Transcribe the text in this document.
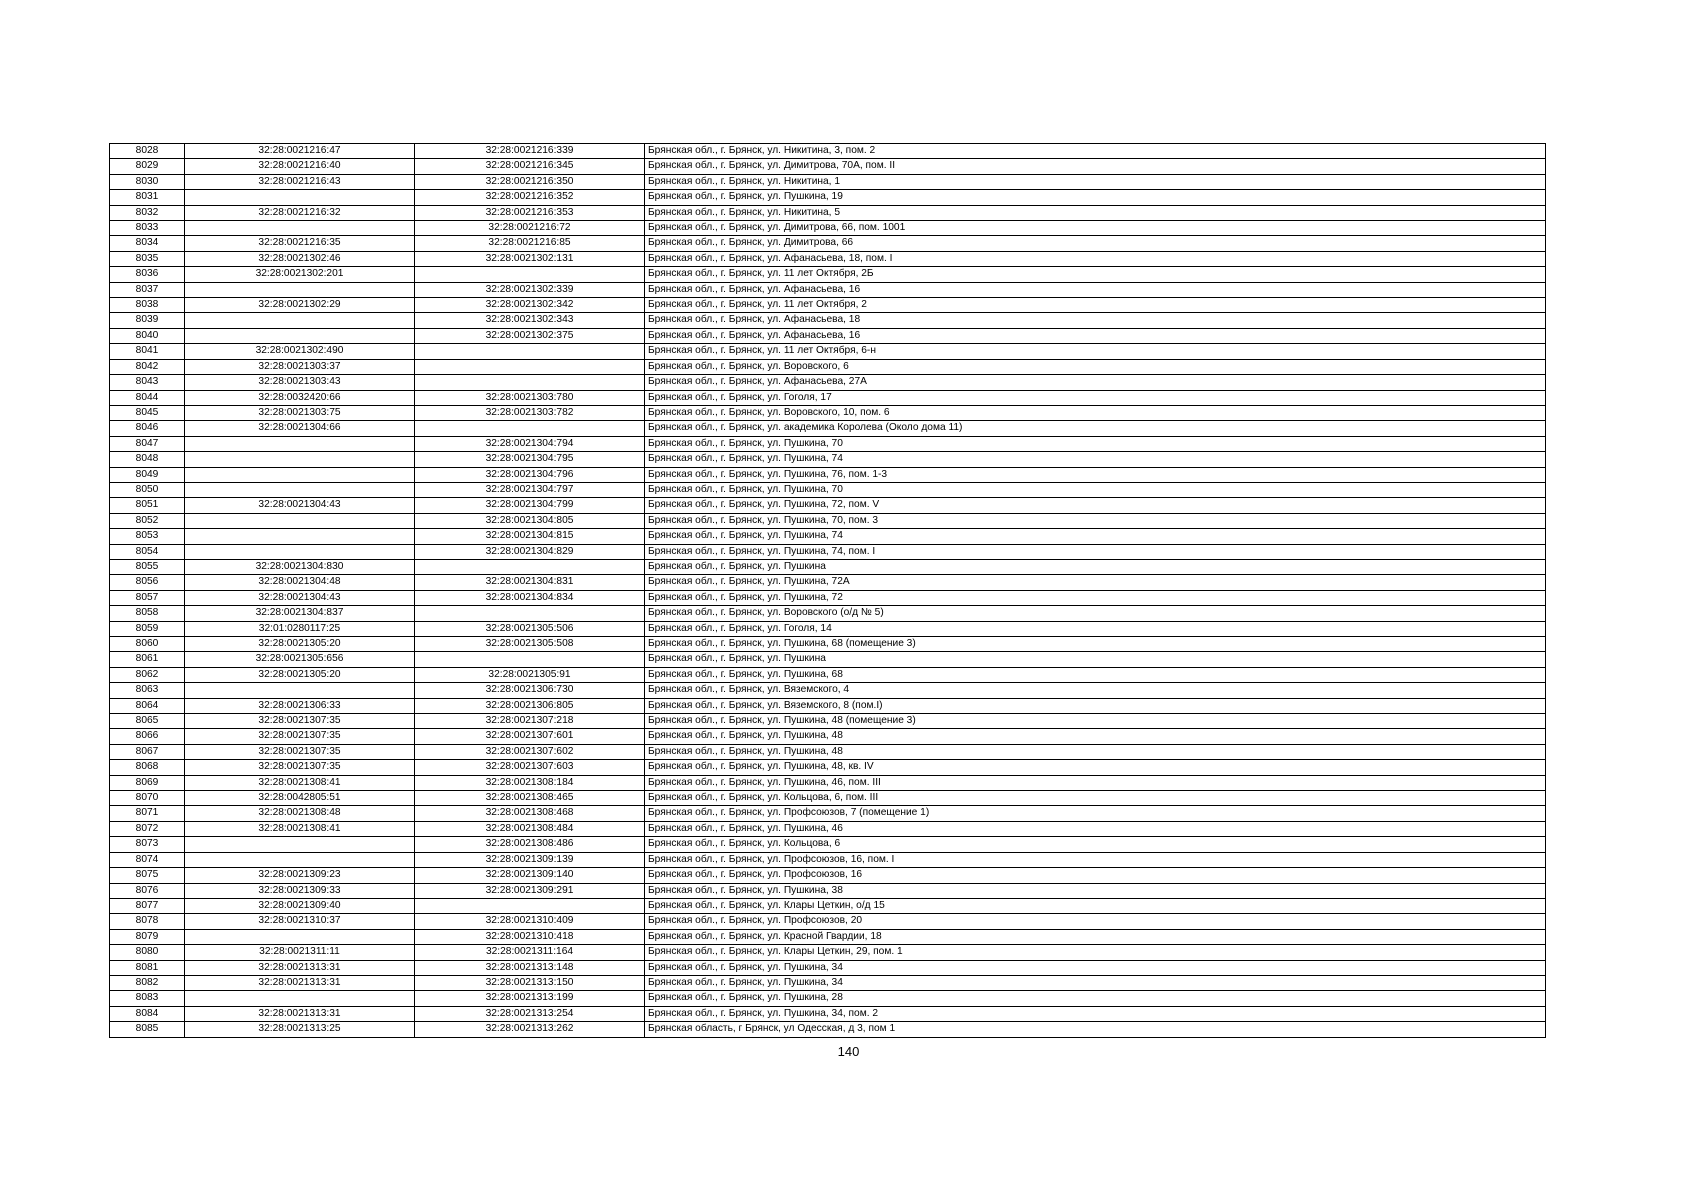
8028	32:28:0021216:47	32:28:0021216:339	Брянская обл., г. Брянск, ул. Никитина, 3, пом. 2
8029	32:28:0021216:40	32:28:0021216:345	Брянская обл., г. Брянск, ул. Димитрова, 70А, пом. II
8030	32:28:0021216:43	32:28:0021216:350	Брянская обл., г. Брянск, ул. Никитина, 1
8031		32:28:0021216:352	Брянская обл., г. Брянск, ул. Пушкина, 19
8032	32:28:0021216:32	32:28:0021216:353	Брянская обл., г. Брянск, ул. Никитина, 5
8033		32:28:0021216:72	Брянская обл., г. Брянск, ул. Димитрова, 66, пом. 1001
8034	32:28:0021216:35	32:28:0021216:85	Брянская обл., г. Брянск, ул. Димитрова, 66
8035	32:28:0021302:46	32:28:0021302:131	Брянская обл., г. Брянск, ул. Афанасьева, 18, пом. I
8036	32:28:0021302:201		Брянская обл., г. Брянск, ул. 11 лет Октября, 2Б
8037		32:28:0021302:339	Брянская обл., г. Брянск, ул. Афанасьева, 16
8038	32:28:0021302:29	32:28:0021302:342	Брянская обл., г. Брянск, ул. 11 лет Октября, 2
8039		32:28:0021302:343	Брянская обл., г. Брянск, ул. Афанасьева, 18
8040		32:28:0021302:375	Брянская обл., г. Брянск, ул. Афанасьева, 16
8041	32:28:0021302:490		Брянская обл., г. Брянск, ул. 11 лет Октября, 6-н
8042	32:28:0021303:37		Брянская обл., г. Брянск, ул. Воровского, 6
8043	32:28:0021303:43		Брянская обл., г. Брянск, ул. Афанасьева, 27А
8044	32:28:0032420:66	32:28:0021303:780	Брянская обл., г. Брянск, ул. Гоголя, 17
8045	32:28:0021303:75	32:28:0021303:782	Брянская обл., г. Брянск, ул. Воровского, 10, пом. 6
8046	32:28:0021304:66		Брянская обл., г. Брянск, ул. академика Королева (Около дома 11)
8047		32:28:0021304:794	Брянская обл., г. Брянск, ул. Пушкина, 70
8048		32:28:0021304:795	Брянская обл., г. Брянск, ул. Пушкина, 74
8049		32:28:0021304:796	Брянская обл., г. Брянск, ул. Пушкина, 76, пом. 1-3
8050		32:28:0021304:797	Брянская обл., г. Брянск, ул. Пушкина, 70
8051	32:28:0021304:43	32:28:0021304:799	Брянская обл., г. Брянск, ул. Пушкина, 72, пом. V
8052		32:28:0021304:805	Брянская обл., г. Брянск, ул. Пушкина, 70, пом. 3
8053		32:28:0021304:815	Брянская обл., г. Брянск, ул. Пушкина, 74
8054		32:28:0021304:829	Брянская обл., г. Брянск, ул. Пушкина, 74, пом. I
8055	32:28:0021304:830		Брянская обл., г. Брянск, ул. Пушкина
8056	32:28:0021304:48	32:28:0021304:831	Брянская обл., г. Брянск, ул. Пушкина, 72А
8057	32:28:0021304:43	32:28:0021304:834	Брянская обл., г. Брянск, ул. Пушкина, 72
8058	32:28:0021304:837		Брянская обл., г. Брянск, ул. Воровского (о/д № 5)
8059	32:01:0280117:25	32:28:0021305:506	Брянская обл., г. Брянск, ул. Гоголя, 14
8060	32:28:0021305:20	32:28:0021305:508	Брянская обл., г. Брянск, ул. Пушкина, 68 (помещение 3)
8061	32:28:0021305:656		Брянская обл., г. Брянск, ул. Пушкина
8062	32:28:0021305:20	32:28:0021305:91	Брянская обл., г. Брянск, ул. Пушкина, 68
8063		32:28:0021306:730	Брянская обл., г. Брянск, ул. Вяземского, 4
8064	32:28:0021306:33	32:28:0021306:805	Брянская обл., г. Брянск, ул. Вяземского, 8 (пом.I)
8065	32:28:0021307:35	32:28:0021307:218	Брянская обл., г. Брянск, ул. Пушкина, 48 (помещение 3)
8066	32:28:0021307:35	32:28:0021307:601	Брянская обл., г. Брянск, ул. Пушкина, 48
8067	32:28:0021307:35	32:28:0021307:602	Брянская обл., г. Брянск, ул. Пушкина, 48
8068	32:28:0021307:35	32:28:0021307:603	Брянская обл., г. Брянск, ул. Пушкина, 48, кв. IV
8069	32:28:0021308:41	32:28:0021308:184	Брянская обл., г. Брянск, ул. Пушкина, 46, пом. III
8070	32:28:0042805:51	32:28:0021308:465	Брянская обл., г. Брянск, ул. Кольцова, 6, пом. III
8071	32:28:0021308:48	32:28:0021308:468	Брянская обл., г. Брянск, ул. Профсоюзов, 7 (помещение 1)
8072	32:28:0021308:41	32:28:0021308:484	Брянская обл., г. Брянск, ул. Пушкина, 46
8073		32:28:0021308:486	Брянская обл., г. Брянск, ул. Кольцова, 6
8074		32:28:0021309:139	Брянская обл., г. Брянск, ул. Профсоюзов, 16, пом. I
8075	32:28:0021309:23	32:28:0021309:140	Брянская обл., г. Брянск, ул. Профсоюзов, 16
8076	32:28:0021309:33	32:28:0021309:291	Брянская обл., г. Брянск, ул. Пушкина, 38
8077	32:28:0021309:40		Брянская обл., г. Брянск, ул. Клары Цеткин, о/д 15
8078	32:28:0021310:37	32:28:0021310:409	Брянская обл., г. Брянск, ул. Профсоюзов, 20
8079		32:28:0021310:418	Брянская обл., г. Брянск, ул. Красной Гвардии, 18
8080	32:28:0021311:11	32:28:0021311:164	Брянская обл., г. Брянск, ул. Клары Цеткин, 29, пом. 1
8081	32:28:0021313:31	32:28:0021313:148	Брянская обл., г. Брянск, ул. Пушкина, 34
8082	32:28:0021313:31	32:28:0021313:150	Брянская обл., г. Брянск, ул. Пушкина, 34
8083		32:28:0021313:199	Брянская обл., г. Брянск, ул. Пушкина, 28
8084	32:28:0021313:31	32:28:0021313:254	Брянская обл., г. Брянск, ул. Пушкина, 34, пом. 2
8085	32:28:0021313:25	32:28:0021313:262	Брянская область, г Брянск, ул Одесская, д 3, пом 1
140
